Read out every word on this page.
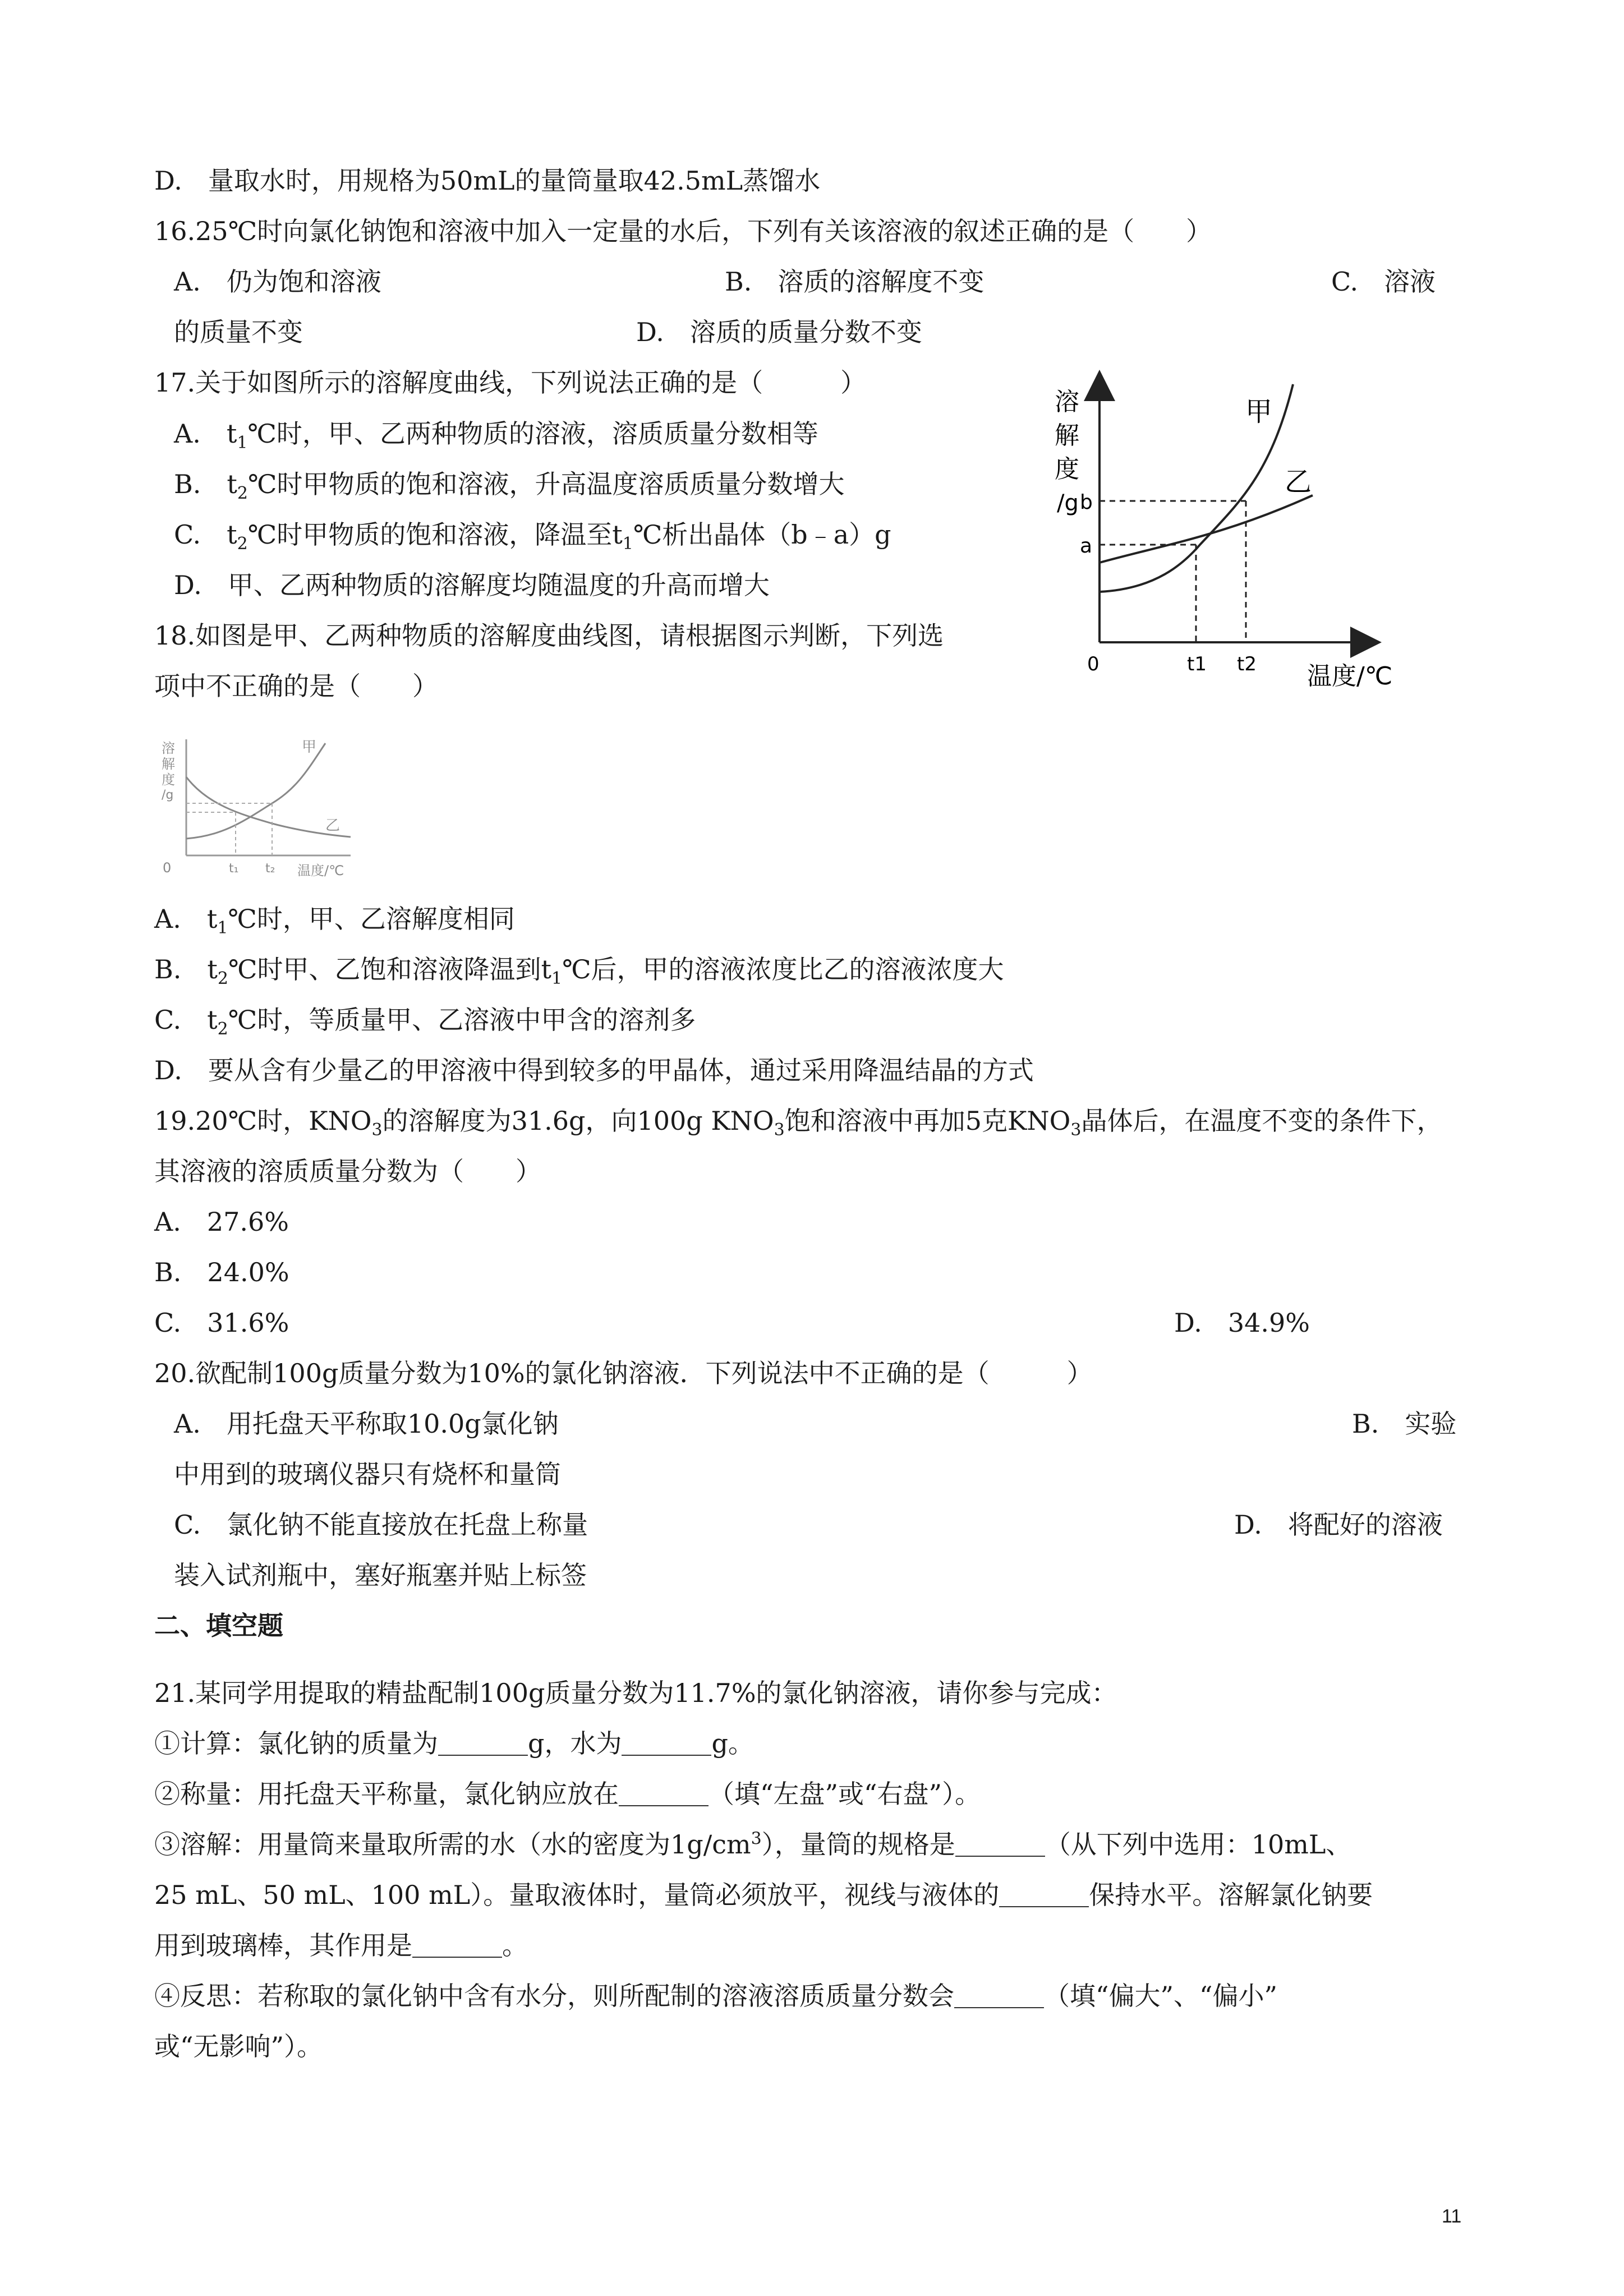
D.　量取水时，用规格为50mL的量筒量取42.5mL蒸馏水
16.25℃时向氯化钠饱和溶液中加入一定量的水后，下列有关该溶液的叙述正确的是（　　）
A.　仍为饱和溶液	B.　溶质的溶解度不变	C.　溶液
的质量不变	D.　溶质的质量分数不变
17.关于如图所示的溶解度曲线，下列说法正确的是（　　　）
A.　$t_1℃$时，甲、乙两种物质的溶液，溶质质量分数相等
B.　$t_2℃$时甲物质的饱和溶液，升高温度溶质质量分数增大
C.　$t_2℃$时甲物质的饱和溶液，降温至$t_1℃$析出晶体（b﹣a）g
D.　甲、乙两种物质的溶解度均随温度的升高而增大
溶
解
度
/g b
a
0	t1 t2 温度/℃
甲
乙
18.如图是甲、乙两种物质的溶解度曲线图，请根据图示判断，下列选
项中不正确的是（　　）
溶
解
度
/g
0	t₁ t₂ 温度/℃
甲
乙
A.　$t_1℃$时，甲、乙溶解度相同
B.　$t_2℃$时甲、乙饱和溶液降温到$t_1℃$后，甲的溶液浓度比乙的溶液浓度大
C.　$t_2℃$时，等质量甲、乙溶液中甲含的溶剂多
D.　要从含有少量乙的甲溶液中得到较多的甲晶体，通过采用降温结晶的方式
19.20℃时，$KNO_3$的溶解度为31.6g，向100g $KNO_3$饱和溶液中再加5克$KNO_3$晶体后，在温度不变的条件下，
其溶液的溶质质量分数为（　　）
A.　27.6%
B.　24.0%
C.　31.6%	D.　34.9%
20.欲配制100g质量分数为10%的氯化钠溶液．下列说法中不正确的是（　　　）
A.　用托盘天平称取10.0g氯化钠	B.　实验
中用到的玻璃仪器只有烧杯和量筒
C.　氯化钠不能直接放在托盘上称量	D.　将配好的溶液
装入试剂瓶中，塞好瓶塞并贴上标签
二、填空题
21.某同学用提取的精盐配制100g质量分数为11.7%的氯化钠溶液，请你参与完成：
①计算：氯化钠的质量为	g，水为	g。
②称量：用托盘天平称量，氯化钠应放在	（填“左盘”或“右盘”）。
③溶解：用量筒来量取所需的水（水的密度为$1g/cm^3$），量筒的规格是	（从下列中选用：10mL、
25 mL、50 mL、100 mL）。量取液体时，量筒必须放平，视线与液体的	保持水平。溶解氯化钠要
用到玻璃棒，其作用是	。
④反思：若称取的氯化钠中含有水分，则所配制的溶液溶质质量分数会	（填“偏大”、“偏小”
或“无影响”）。
11
